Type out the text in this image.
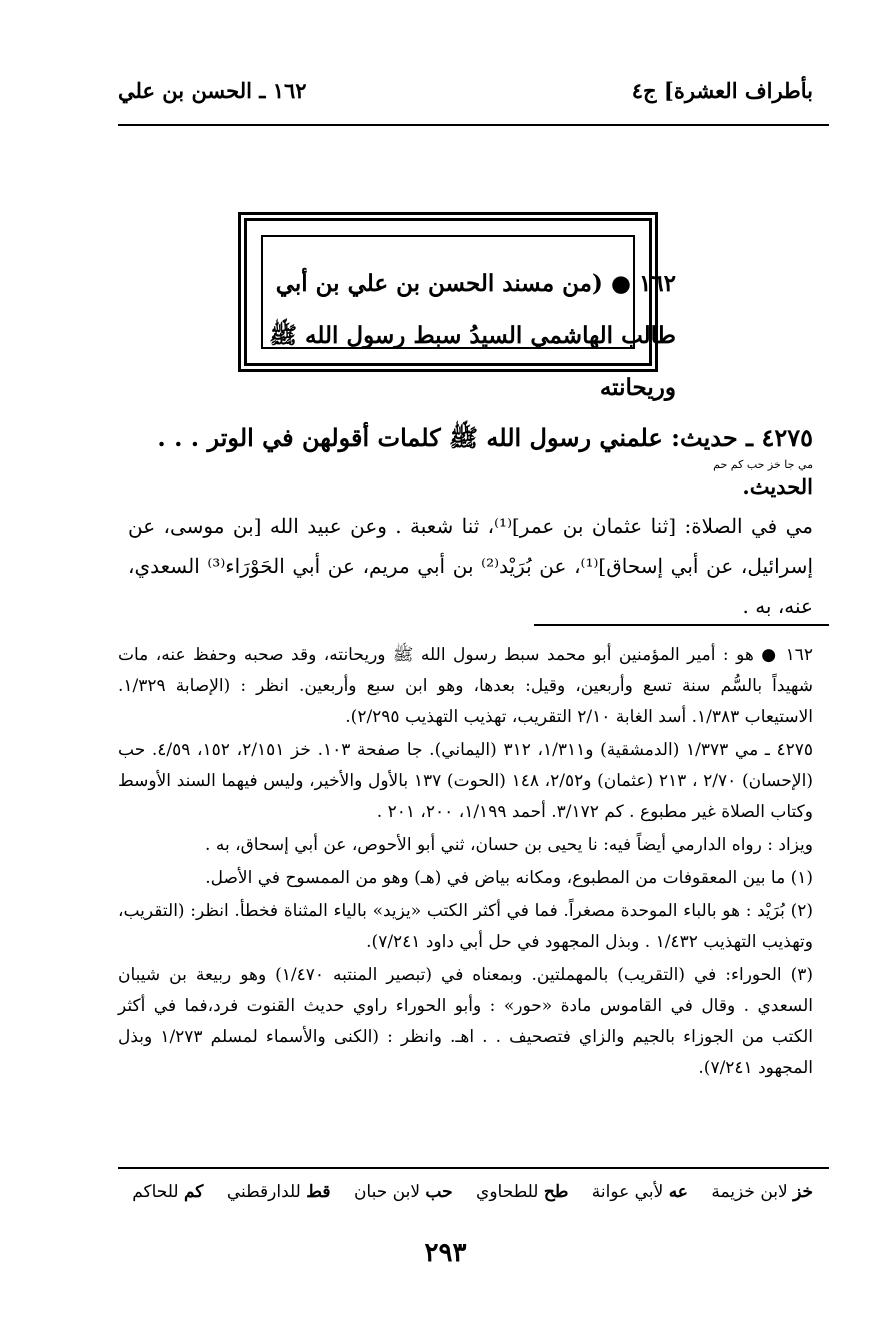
بأطراف العشرة] ج٤
١٦٢ ـ الحسن بن علي
١٦٢ ● (من مسند الحسن بن علي بن أبي
طالب الهاشمي السيدُ سبط رسول الله ﷺ وريحانته

٤٢٧٥ ـ حديث: علمني رسول الله ﷺ كلمات أقولهن في الوتر . . .

مي جا خز حب كم حم

الحديث.

مي في الصلاة: [ثنا عثمان بن عمر]⁽¹⁾، ثنا شعبة . وعن عبيد الله [بن موسى، عن إسرائيل، عن أبي إسحاق]⁽¹⁾، عن بُرَيْد⁽²⁾ بن أبي مريم، عن أبي الحَوْرَاء⁽³⁾ السعدي، عنه، به .

١٦٢ ● هو : أمير المؤمنين أبو محمد سبط رسول الله ﷺ وريحانته، وقد صحبه وحفظ عنه، مات شهيداً بالسُّم سنة تسع وأربعين، وقيل: بعدها، وهو ابن سبع وأربعين. انظر : (الإصابة ١/٣٢٩. الاستيعاب ١/٣٨٣. أسد الغابة ٢/١٠ التقريب، تهذيب التهذيب ٢/٢٩٥).

٤٢٧٥ ـ مي ١/٣٧٣ (الدمشقية) و١/٣١١، ٣١٢ (اليماني). جا صفحة ١٠٣. خز ٢/١٥١، ١٥٢، ٤/٥٩. حب (الإحسان) ٢/٧٠ ، ٢١٣ (عثمان) و٢/٥٢، ١٤٨ (الحوت) ١٣٧ بالأول والأخير، وليس فيهما السند الأوسط وكتاب الصلاة غير مطبوع . كم ٣/١٧٢. أحمد ١/١٩٩، ٢٠٠، ٢٠١ .

ويزاد : رواه الدارمي أيضاً فيه: نا يحيى بن حسان، ثني أبو الأحوص، عن أبي إسحاق، به .

(١) ما بين المعقوفات من المطبوع، ومكانه بياض في (هـ) وهو من الممسوح في الأصل.

(٢) بُرَيْد : هو بالباء الموحدة مصغراً. فما في أكثر الكتب «يزيد» بالياء المثناة فخطأ. انظر: (التقريب، وتهذيب التهذيب ١/٤٣٢ . وبذل المجهود في حل أبي داود ٧/٢٤١).

(٣) الحوراء: في (التقريب) بالمهملتين. وبمعناه في (تبصير المنتبه ١/٤٧٠) وهو ربيعة بن شيبان السعدي . وقال في القاموس مادة «حور» : وأبو الحوراء راوي حديث القنوت فرد،فما في أكثر الكتب من الجوزاء بالجيم والزاي فتصحيف . . اهـ. وانظر : (الكنى والأسماء لمسلم ١/٢٧٣ وبذل المجهود ٧/٢٤١).

خز لابن خزيمة عه لأبي عوانة طح للطحاوي حب لابن حبان قط للدارقطني كم للحاكم
٢٩٣
